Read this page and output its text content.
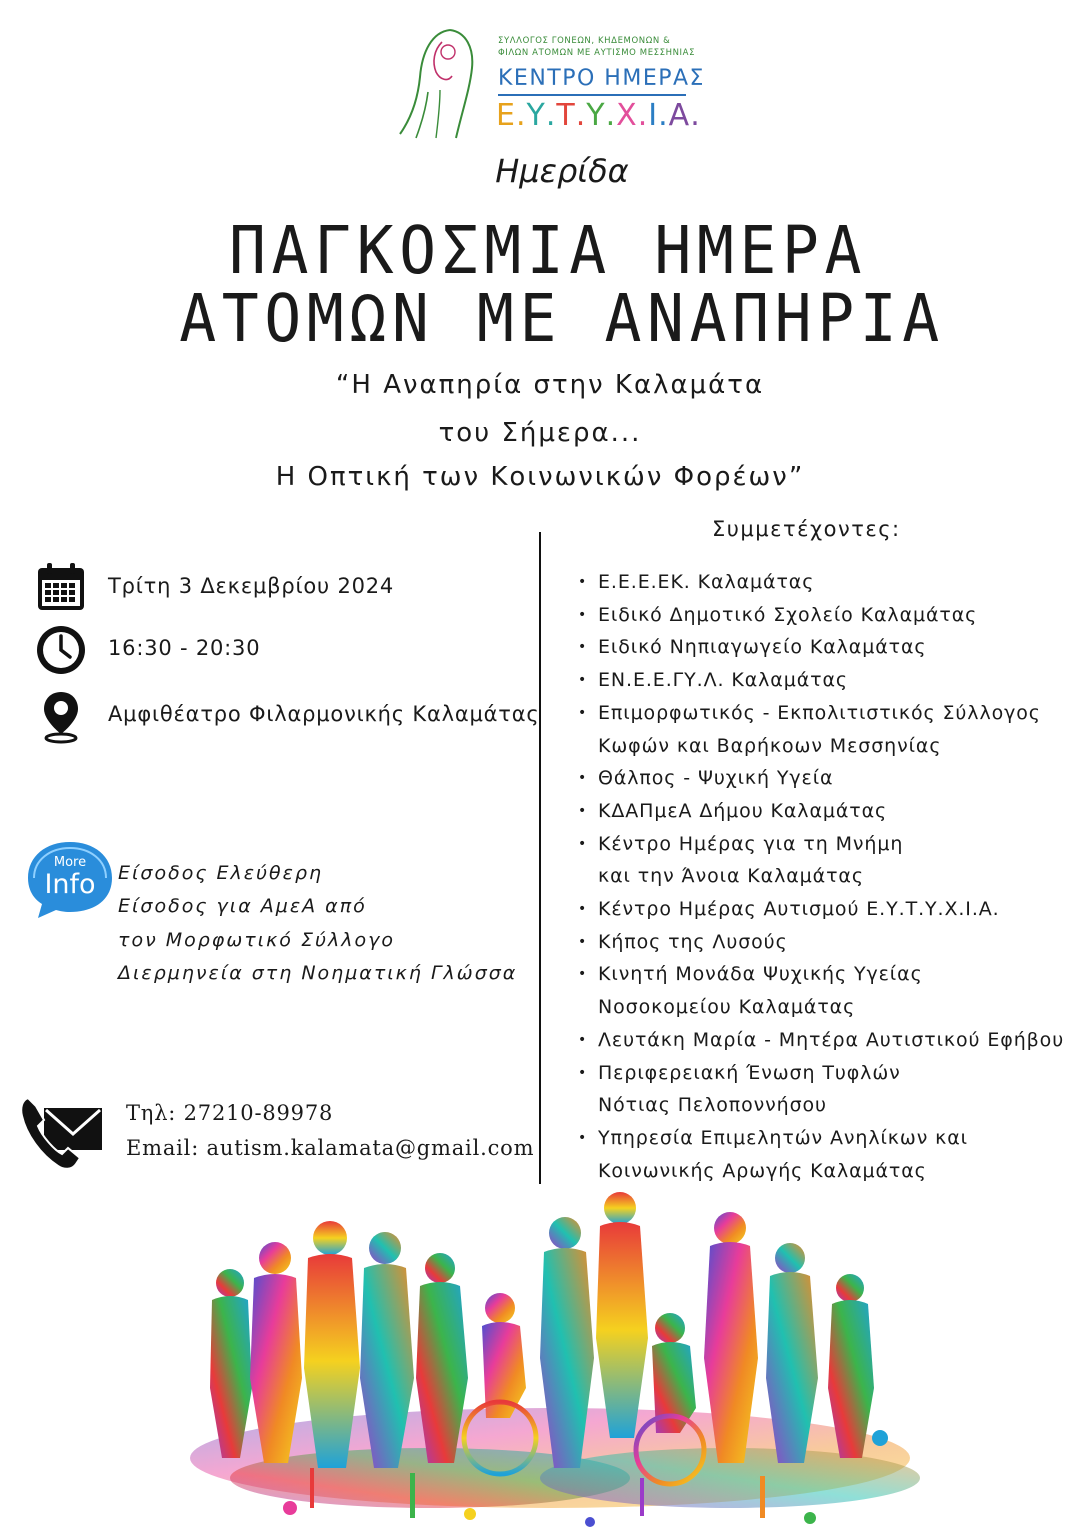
ΣΥΛΛΟΓΟΣ ΓΟΝΕΩΝ, ΚΗΔΕΜΟΝΩΝ &
ΦΙΛΩΝ ΑΤΟΜΩΝ ΜΕ ΑΥΤΙΣΜΟ ΜΕΣΣΗΝΙΑΣ
ΚΕΝΤΡΟ ΗΜΕΡΑΣ
Ε.Υ.Τ.Υ.Χ.Ι.Α.
Ημερίδα
ΠΑΓΚΟΣΜΙΑ ΗΜΕΡΑ
ΑΤΟΜΩΝ ΜΕ ΑΝΑΠΗΡΙΑ
“Η Αναπηρία στην Καλαμάτα
του Σήμερα...
Η Οπτική των Κοινωνικών Φορέων”
Τρίτη 3 Δεκεμβρίου 2024
16:30 - 20:30
Αμφιθέατρο Φιλαρμονικής Καλαμάτας
More
Info Είσοδος Ελεύθερη
Είσοδος για ΑμεΑ από
τον Μορφωτικό Σύλλογο
Διερμηνεία στη Νοηματική Γλώσσα
Τηλ: 27210-89978
Email: autism.kalamata@gmail.com
Συμμετέχοντες:
• Ε.Ε.Ε.ΕΚ. Καλαμάτας
• Ειδικό Δημοτικό Σχολείο Καλαμάτας
• Ειδικό Νηπιαγωγείο Καλαμάτας
• ΕΝ.Ε.Ε.ΓΥ.Λ. Καλαμάτας
• Επιμορφωτικός - Εκπολιτιστικός Σύλλογος
Κωφών και Βαρήκοων Μεσσηνίας
• Θάλπος - Ψυχική Υγεία
• ΚΔΑΠμεΑ Δήμου Καλαμάτας
• Κέντρο Ημέρας για τη Μνήμη
και την Άνοια Καλαμάτας
• Κέντρο Ημέρας Αυτισμού Ε.Υ.Τ.Υ.Χ.Ι.Α.
• Κήπος της Λυσούς
• Κινητή Μονάδα Ψυχικής Υγείας
Νοσοκομείου Καλαμάτας
• Λευτάκη Μαρία - Μητέρα Αυτιστικού Εφήβου
• Περιφερειακή Ένωση Τυφλών
Νότιας Πελοποννήσου
• Υπηρεσία Επιμελητών Ανηλίκων και
Κοινωνικής Αρωγής Καλαμάτας
